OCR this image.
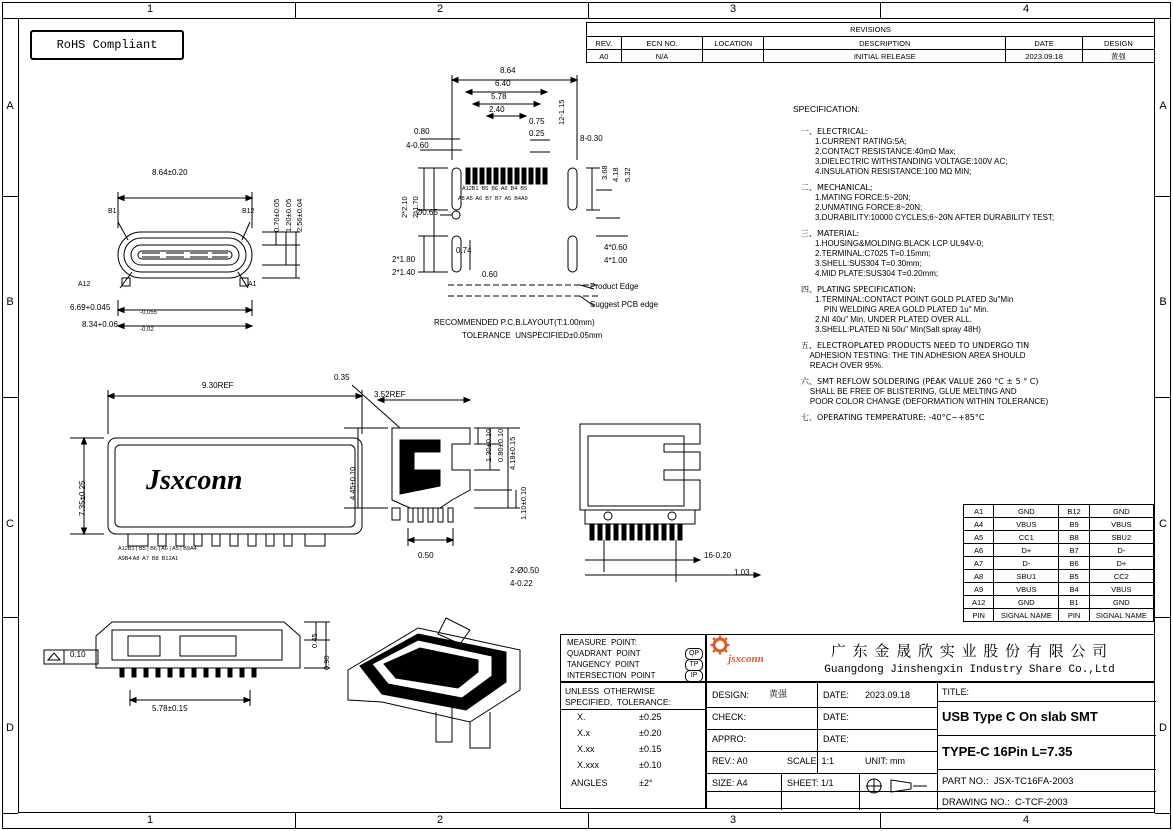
1	2	3	4
1	2	3	4
A
B
C
D
A
B
C
D
RoHS Compliant
REVISIONS					
REV.	ECN NO.	LOCATION	DESCRIPTION	DATE	DESIGN
A0	N/A		INITIAL RELEASE	2023.09.18	黄强
SPECIFICATION:
一、ELECTRICAL:
1.CURRENT RATING:5A;
2.CONTACT RESISTANCE:40mΩ Max;
3.DIELECTRIC WITHSTANDING VOLTAGE:100V AC;
4.INSULATION RESISTANCE:100 MΩ MIN;
二、MECHANICAL;
1.MATING FORCE:5~20N;
2.UNMATING FORCE:8~20N;
3.DURABILITY:10000 CYCLES;6~20N AFTER DURABILITY TEST;
三、MATERIAL:
1.HOUSING&MOLDING:BLACK LCP UL94V-0;
2.TERMINAL:C7025 T=0.15mm;
3.SHELL:SUS304 T=0.30mm;
4.MID PLATE:SUS304 T=0.20mm;
四、PLATING SPECIFICATION:
1.TERMINAL:CONTACT POINT GOLD PLATED 3u"Min
PIN WELDING AREA GOLD PLATED 1u" Min.
2.NI 40u" Min. UNDER PLATED OVER ALL.
3.SHELL:PLATED Ni 50u" Min(Salt spray 48H)
五、ELECTROPLATED PRODUCTS NEED TO UNDERGO TIN
ADHESION TESTING: THE TIN ADHESION AREA SHOULD
REACH OVER 95%.
六、SMT REFLOW SOLDERING (PEAK VALUE 260 °C ± 5 ° C)
SHALL BE FREE OF BLISTERING, GLUE MELTING AND
POOR COLOR CHANGE (DEFORMATION WITHIN TOLERANCE)
七、OPERATING TEMPERATURE: -40°C~+85°C
A1	GND	B12	GND
A4	VBUS	B9	VBUS
A5	CC1	B8	SBU2
A6	D+	B7	D-
A7	D-	B6	D+
A8	SBU1	B5	CC2
A9	VBUS	B4	VBUS
A12	GND	B1	GND
PIN	SIGNAL NAME	PIN	SIGNAL NAME
8.64±0.20
0.70±0.05 1.20±0.05 2.56±0.04
6.69+0.045
-0.055
8.34+0.06
-0.02
B1	B12
A12	A1
8.64
6.40
5.78
2.40
0.80
4-0.60
0.75
0.25
12-1.15
8-0.30
Ø0.65
0.74
2*2.10 2*1.70
2*1.80
2*1.40	0.60
3.68 4.18 5.32
4*0.60
4*1.00
A12B1  B5  B6  A6  B4  B5
A8 A5  A6  B7  B7  A5  B4A9
Product Edge
Suggest PCB edge
RECOMMENDED P.C.B.LAYOUT(T:1.00mm)
TOLERANCE  UNSPECIFIED±0.05mm
9.30REF
7.35±0.25 Jsxconn
A12B1 | B5 | B6 | A6 | A5 | B9A4
A9B4 A8  A7  B8  B12A1
0.35
3.52REF
4.45±0.10
1.30±0.10 0.80±0.10 4.18±0.15
1.10±0.10
0.50
2-Ø0.50
4-0.22
16-0.20
1.03
0.45
0.90
5.78±0.15
0.10
MEASURE  POINT:
QUADRANT  POINT
TANGENCY  POINT
INTERSECTION  POINT
QP
TP
IP
jsxconn	广 东 金 晟 欣 实 业 股 份 有 限 公 司
Guangdong Jinshengxin Industry Share Co.,Ltd
UNLESS  OTHERWISE
SPECIFIED,  TOLERANCE:
X.	±0.25
X.x	±0.20
X.xx	±0.15
X.xxx	±0.10
ANGLES	±2°
DESIGN: 黄强	DATE: 2023.09.18
CHECK:	DATE:
APPRO:	DATE:
REV.: A0	SCALE: 1:1	UNIT: mm
SIZE: A4	SHEET: 1/1
TITLE:
USB Type C On slab SMT
TYPE-C 16Pin L=7.35
PART NO.:  JSX-TC16FA-2003
DRAWING NO.:  C-TCF-2003
